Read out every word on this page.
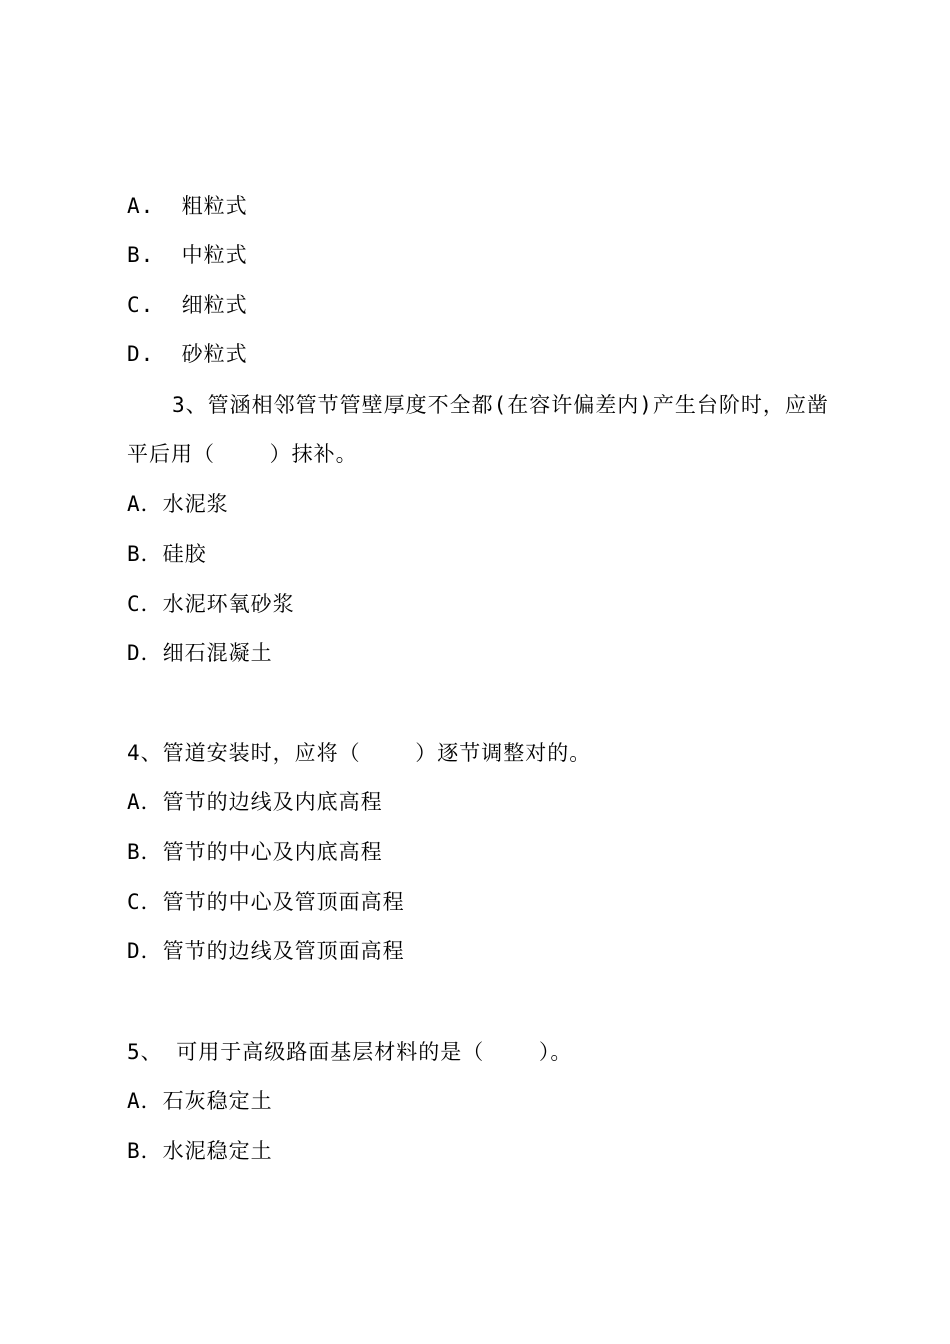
A.  粗粒式
B.  中粒式
C.  细粒式
D.  砂粒式
3、管涵相邻管节管壁厚度不全都(在容许偏差内)产生台阶时，应凿
平后用（    ）抹补。
A．水泥浆
B．硅胶
C．水泥环氧砂浆
D．细石混凝土
4、管道安装时，应将（    ）逐节调整对的。
A．管节的边线及内底高程
B．管节的中心及内底高程
C．管节的中心及管顶面高程
D．管节的边线及管顶面高程
5、 可用于高级路面基层材料的是（    ）。
A．石灰稳定土
B．水泥稳定土
